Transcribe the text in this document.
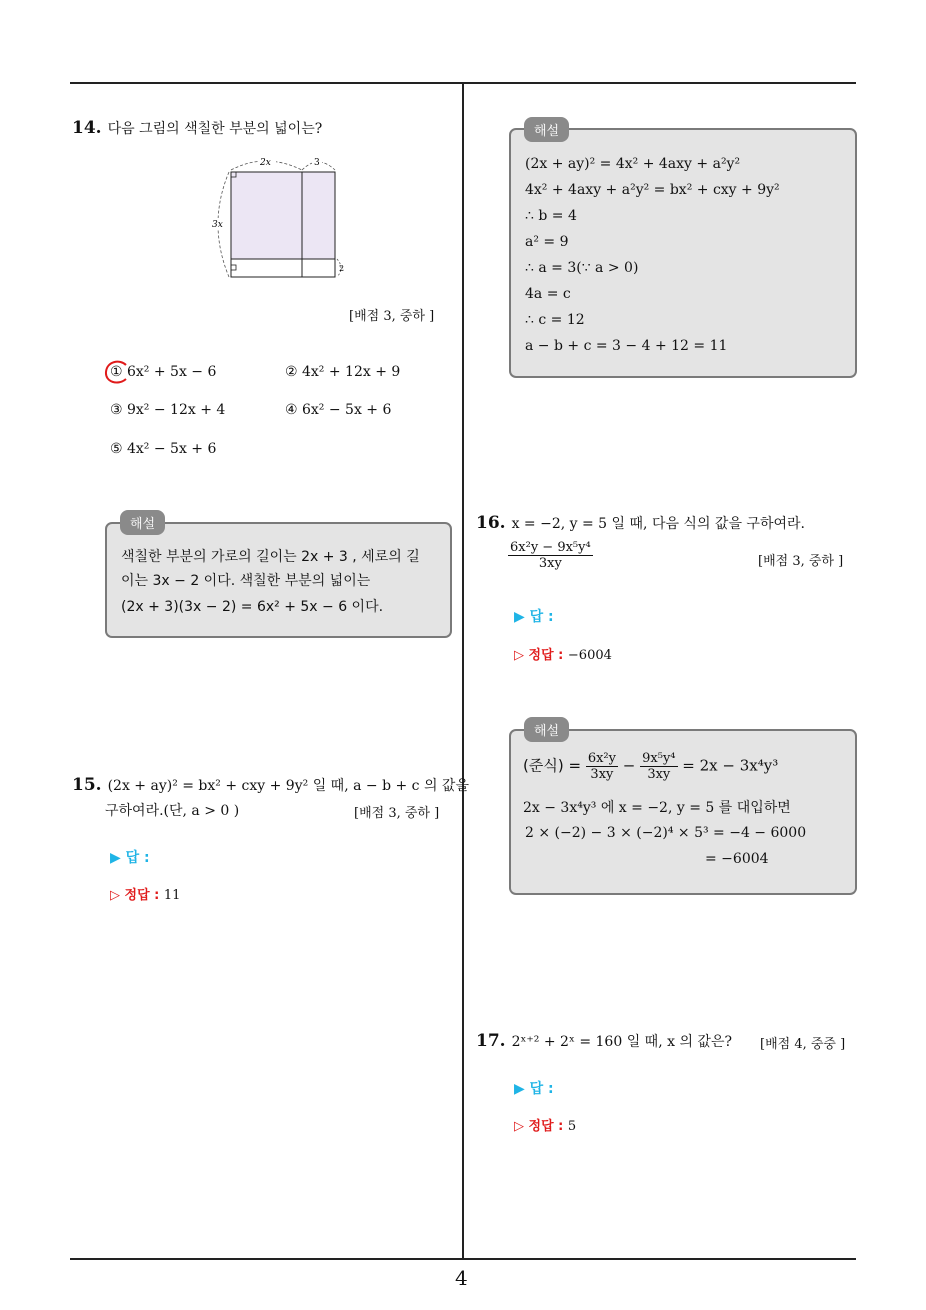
4
14. 다음 그림의 색칠한 부분의 넓이는?
2x	3
3x
2
[배점 3, 중하 ]
① 6x² + 5x − 6	② 4x² + 12x + 9
③ 9x² − 12x + 4	④ 6x² − 5x + 6
⑤ 4x² − 5x + 6
색칠한 부분의 가로의 길이는 2x + 3 , 세로의 길
이는 3x − 2 이다. 색칠한 부분의 넓이는
(2x + 3)(3x − 2) = 6x² + 5x − 6 이다.
해설
15. (2x + ay)² = bx² + cxy + 9y² 일 때, a − b + c 의 값을
구하여라.(단, a > 0 )	[배점 3, 중하 ]
▶ 답 :
▷ 정답 : 11
(2x + ay)² = 4x² + 4axy + a²y²
4x² + 4axy + a²y² = bx² + cxy + 9y²
∴ b = 4
a² = 9
∴ a = 3(∵ a > 0)
4a = c
∴ c = 12
a − b + c = 3 − 4 + 12 = 11
해설
16. x = −2, y = 5 일 때, 다음 식의 값을 구하여라.
$\frac{\text{6x²y − 9x⁵y⁴}}{3xy}$	[배점 3, 중하 ]
▶ 답 :
▷ 정답 : −6004
(준식) = $\frac{\text{6x²y}}{3xy} - \frac{\text{9x⁵y⁴}}{3xy} = 2x - 3x^4y^3$
2x − 3x⁴y³ 에 x = −2, y = 5 를 대입하면
2 × (−2) − 3 × (−2)⁴ × 5³ = −4 − 6000
= −6004
해설
17. 2ˣ⁺² + 2ˣ = 160 일 때, x 의 값은? [배점 4, 중중 ]
▶ 답 :
▷ 정답 : 5
